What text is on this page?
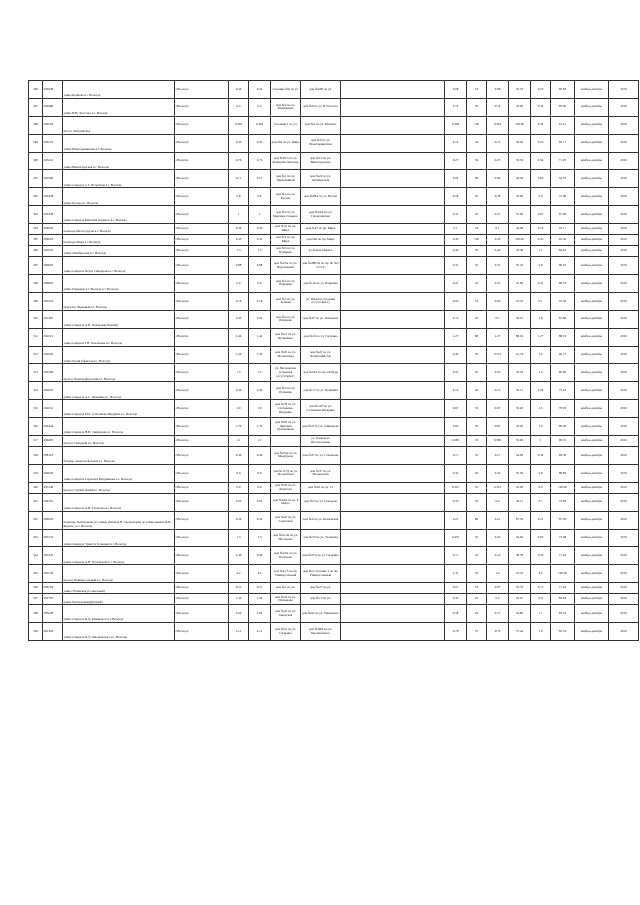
296	295038	улица Крайова в г. Вологде	г.Вологда	0.24	0.24	строение №6 по ул.	дом №60Б по ул.		0.08	53	0.08	33.33	0.23	95.83	ноябрь-декабрь	2019
297	296480	улица В.Н. Толстого в г. Вологде	г.Вологда	0.4	0.4	дом №2 по ул. Тимирязева	дом №9 по ул. В.Толстого		0.14	35	0.14	35.00	0.34	85.00	ноябрь-декабрь	2019
298	296794	шоссе Лебединское	г.Вологда	0.364	0.364	строение 1 по ул.	дом №3 по ул. Мулатко		0.364	100	0.364	100.00	0.32	91.21	ноябрь-декабрь	2019
299	296722	улица Новоборкинская в г. Вологде	г.Вологда	0.33	0.33	дом №6 по ул. Мира	дом №9 по ул. Новоборкинская		0.12	34	0.12	34.29	0.23	65.71	ноябрь-декабрь	2019
300	295241	улица Винзаградская в г. Вологде	г.Вологда	0.76	0.76	дом №26/3 по ул. Коммунистическая	дом №13 по ул. Винзаградская		0.27	36	0.27	35.53	0.54	71.05	ноябрь-декабрь	2019
301	295580	улица генерала С.Г. Ястребова в г. Вологде	г.Вологда	0.11	0.11	дом №1 по ул. Парковайной	дом №24 по ул. Октябрьская		0.04	36	0.04	36.36	0.06	54.55	ноябрь-декабрь	2019
302	295438	улица Бутова в г. Вологде	г.Вологда	0.8	0.8	дом №2 по ул. Бутова	дом №88А по ул. Бутова		0.28	35	0.28	35.00	0.6	75.00	ноябрь-декабрь	2019
303	295328	улица генерала Максима Горького в г. Вологде	г.Вологда	1	1	дом №2 по ул. Максима Горького	дом №24А по ул. Героидовская		0.35	35	0.37	37.00	0.67	67.00	ноябрь-декабрь	2019
304	304005	площадь Металлургов в г. Вологде	г.Вологда	0.29	0.29	дом №35 по пр. Мира	дом №43 по пр. Мира		0.1	34	0.1	34.48	0.16	55.17	ноябрь-декабрь	2019
305	304003	площадь Мира в г. Вологде	г.Вологда	0.45	0.45	дом №2 по пр. Мира	дом №6 по пр. Мира		0.45	100	0.45	100.00	0.43	95.56	ноябрь-декабрь	2019
306	295525	улица Октябрьская в г. Вологде	г.Вологда	1.3	1.3	дом №6 по ул. Пушкина	ул. Карла Маркса		0.46	35	0.46	35.38	1.1	84.62	ноябрь-декабрь	2019
307	289665	улица генерала Петра Свиридова в г. Вологде	г.Вологда	0.88	0.88	дом №23А по ул. Ведельшина	дом №28Б/42 по пр. 60 Лет СССР		0.31	35	0.31	35.23	0.8	90.91	ноябрь-декабрь	2019
308	290695	улица Парковая в г. Вологде в г. Вологде	г.Вологда	0.6	0.6	дом №4 по ул. Парковая	дом №16 по ул. Парковая		0.21	35	0.21	35.00	0.41	68.33	ноябрь-декабрь	2019
309	293335	переулок Парковый в г. Вологде	г.Вологда	0.18	0.18	дом №5 по ул. Зелёная	ул. Ильича (строения отсутствуют)		0.06	33	0.06	33.33	0.1	55.56	ноябрь-декабрь	2019
310	291365	улица генерала Д.И. Пожарова(Дачный)	г.Вологда	2.05	2.05	дом №4 по ул. Шаумяна	дом №67 по ул. Пожарова		0.72	35	0.7	34.15	1.8	87.80	ноябрь-декабрь	2019
311	292214	улица генерала Г.В. Плеханова в г. Вологде	г.Вологда	1.44	1.44	дом №12 по ул. Кузнечных	дом №43 по ул. Гагарина		1.27	88	1.27	88.19	1.27	88.19	ноябрь-декабрь	2019
312	292095	улица Полиграфистов в г. Вологде	г.Вологда	1.24	1.24	дом №65 по ул. Московская	дом №22 по ул. Полиграфистов		0.43	35	0.515	41.53	1.2	96.77	ноябрь-декабрь	2019
313	292280	проезд Полиграфический в г. Вологде	г.Вологда	1.5	1.5	ул. Московская (строения отсутствуют)	дом №25А по пр. Победы		0.53	35	0.53	35.33	1.2	80.00	ноябрь-декабрь	2019
314	292665	улица генерала А.С. Пушкина в г. Вологде	г.Вологда	0.36	0.36	дом №5 по ул. Пушкина	дом №17 по ул. Пушкина		0.13	36	0.13	36.11	0.26	72.22	ноябрь-декабрь	2019
315	292631	улица генерала М.Е. Салтыкова-Щедрина в г. Вологде	г.Вологда	1.9	1.9	дом №78 по ул. Салтыкова-Щедрина	дом №118 по ул. Салтыкова-Щедрина		0.67	35	0.67	35.26	1.5	78.95	ноябрь-декабрь	2019
316	296444	улица генерала Н.В. Свиридова в г. Вологде	г.Вологда	1.79	1.79	дом №83 по ул. Дмитрия Ерошенкова	дом №21 по ул. Свиридова		0.63	35	0.63	35.20	1.6	89.39	ноябрь-декабрь	2019
317	296405	проезд Северный в г. Вологде	г.Вологда	1.1	1.1		ул. Тонкового Веселогонова		0.385	35	0.385	35.00	1	90.91	ноябрь-декабрь	2019
318	288118	бульвар генерала Бадаева в г. Вологде	г.Вологда	0.49	0.49	дом №10А по ул. Меркурова	дом №37 по ул. Степанова		0.17	35	0.17	34.69	0.34	69.39	ноябрь-декабрь	2019
319	292940	улица генерала Сержанта Куприянова в г. Вологде	г.Вологда	0.9	0.9	дом №117Д по ул. Московская	дом №37 по ул. Московская		0.32	36	0.32	35.56	0.8	88.89	ноябрь-декабрь	2019
320	293149	проезд Строительный в г. Вологде	г.Вологда	0.9	0.9	дом №39 по ул. Доватора	дом №65 по ул. 15		0.315	35	0.315	35.00	0.9	100.00	ноябрь-декабрь	2019
321	296761	улица генерала А.В. Суворова в г. Вологде	г.Вологда	0.95	0.95	дом №64А по ул. 8 Марта	дом №2 по ул. Суворова		0.33	35	0.4	42.11	0.7	73.68	ноябрь-декабрь	2019
322	304003	площадь Театральная (от улицы имени Б.Н. Скороходова до улицы имени М.В. Фрунзе ) в г. Вологде	г.Вологда	0.24	0.24	дом №45 по ул. Советская	дом №6 по ул. Козлёнская		0.21	88	0.21	87.50	0.21	87.50	ноябрь-декабрь	2019
323	293722	улица генерала Эрнеста Тельмана в г. Вологде	г.Вологда	1.3	1.3	дом №61/42 по ул. Нестерова	дом №23 по ул. Тельмана		0.455	35	0.45	34.62	0.93	73.08	ноябрь-декабрь	2019
324	293435	улица генерала А.В. Тютрюмова в г. Вологде	г.Вологда	0.49	0.49	дом №43А по ул. Катунова	дом №67А по ул. Гагарина		0.17	35	0.19	38.78	0.35	71.43	ноябрь-декабрь	2019
325	293726	проезд Увливерсальный в г. Вологде	г.Вологда	4.2	4.2	дом №41/3 по пр. Универсальный	дом №2 строение 2 по пр. Универсальный		1.47	35	1.4	33.33	4.2	100.00	ноябрь-декабрь	2019
326	296794	улица Ухтинская (Солнечный)	г.Вологда	0.21	0.21	дом №1 по ул.	дом №27 по ул.		0.07	33	0.07	33.33	0.15	71.43	ноябрь-декабрь	2019
327	292765	улица Центральная(Дачный)	г.Вологда	1.34	1.34	дом №32 по ул. Плеханова	дом №11 по ул.		0.34	22	0.3	22.47	0.9	83.64	ноябрь-декабрь	2019
328	285628	улица генерала К.Д. Ушинского в г. Вологде	г.Вологда	2.04	2.04	дом №45 по ул. Заводская	дом №62 по ул. Ушинского		0.58	29	0.71	34.80	1.7	83.33	ноябрь-декабрь	2019
329	291326	улица генерала К.Э. Циолковского в г. Вологде	г.Вологда	2.11	2.11	дом №61 по ул. Гагарина	дом №38А по ул. Циолковского		0.78	37	0.79	37.44	1.8	85.31	ноябрь-декабрь	2019
